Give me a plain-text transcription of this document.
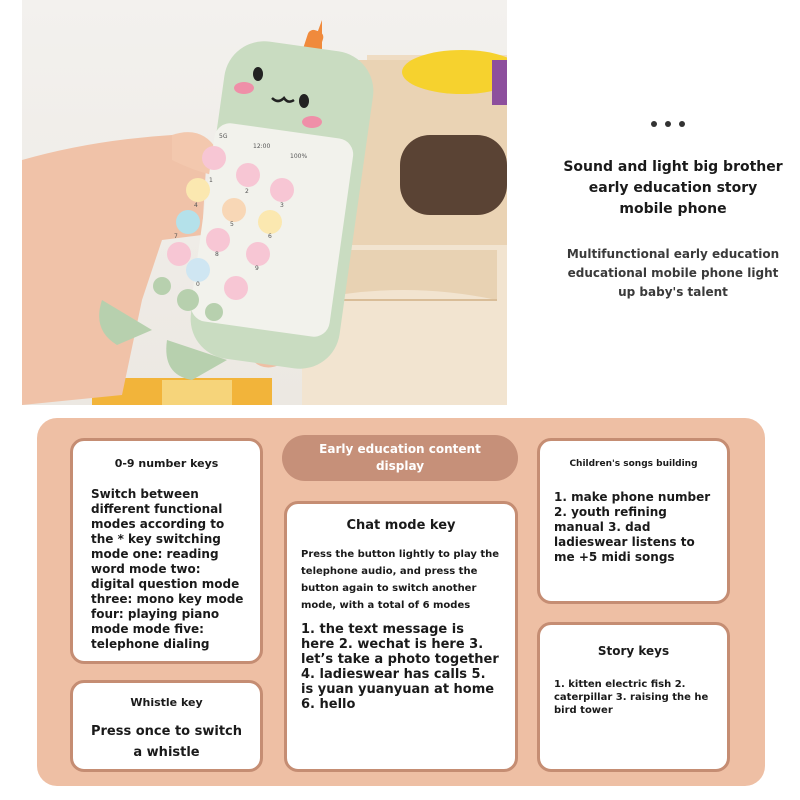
5G
12:00
100%
1
2
3
4
5
6
7
8
9
0
Sound and light big brother early education story mobile phone
Multifunctional early education educational mobile phone light up baby's talent
Early education content display
0-9 number keys
Switch between different functional modes according to the * key switching mode one: reading word mode two: digital question mode three: mono key mode four: playing piano mode mode five: telephone dialing
Whistle key
Press once to switch a whistle
Chat mode key
Press the button lightly to play the telephone audio, and press the button again to switch another mode, with a total of 6 modes
1. the text message is here 2. wechat is here 3. let’s take a photo together 4. ladieswear has calls 5. is yuan yuanyuan at home 6. hello
Children's songs building
1. make phone number 2. youth refining manual 3. dad ladieswear listens to me +5 midi songs
Story keys
1. kitten electric fish 2. caterpillar 3. raising the he bird tower
